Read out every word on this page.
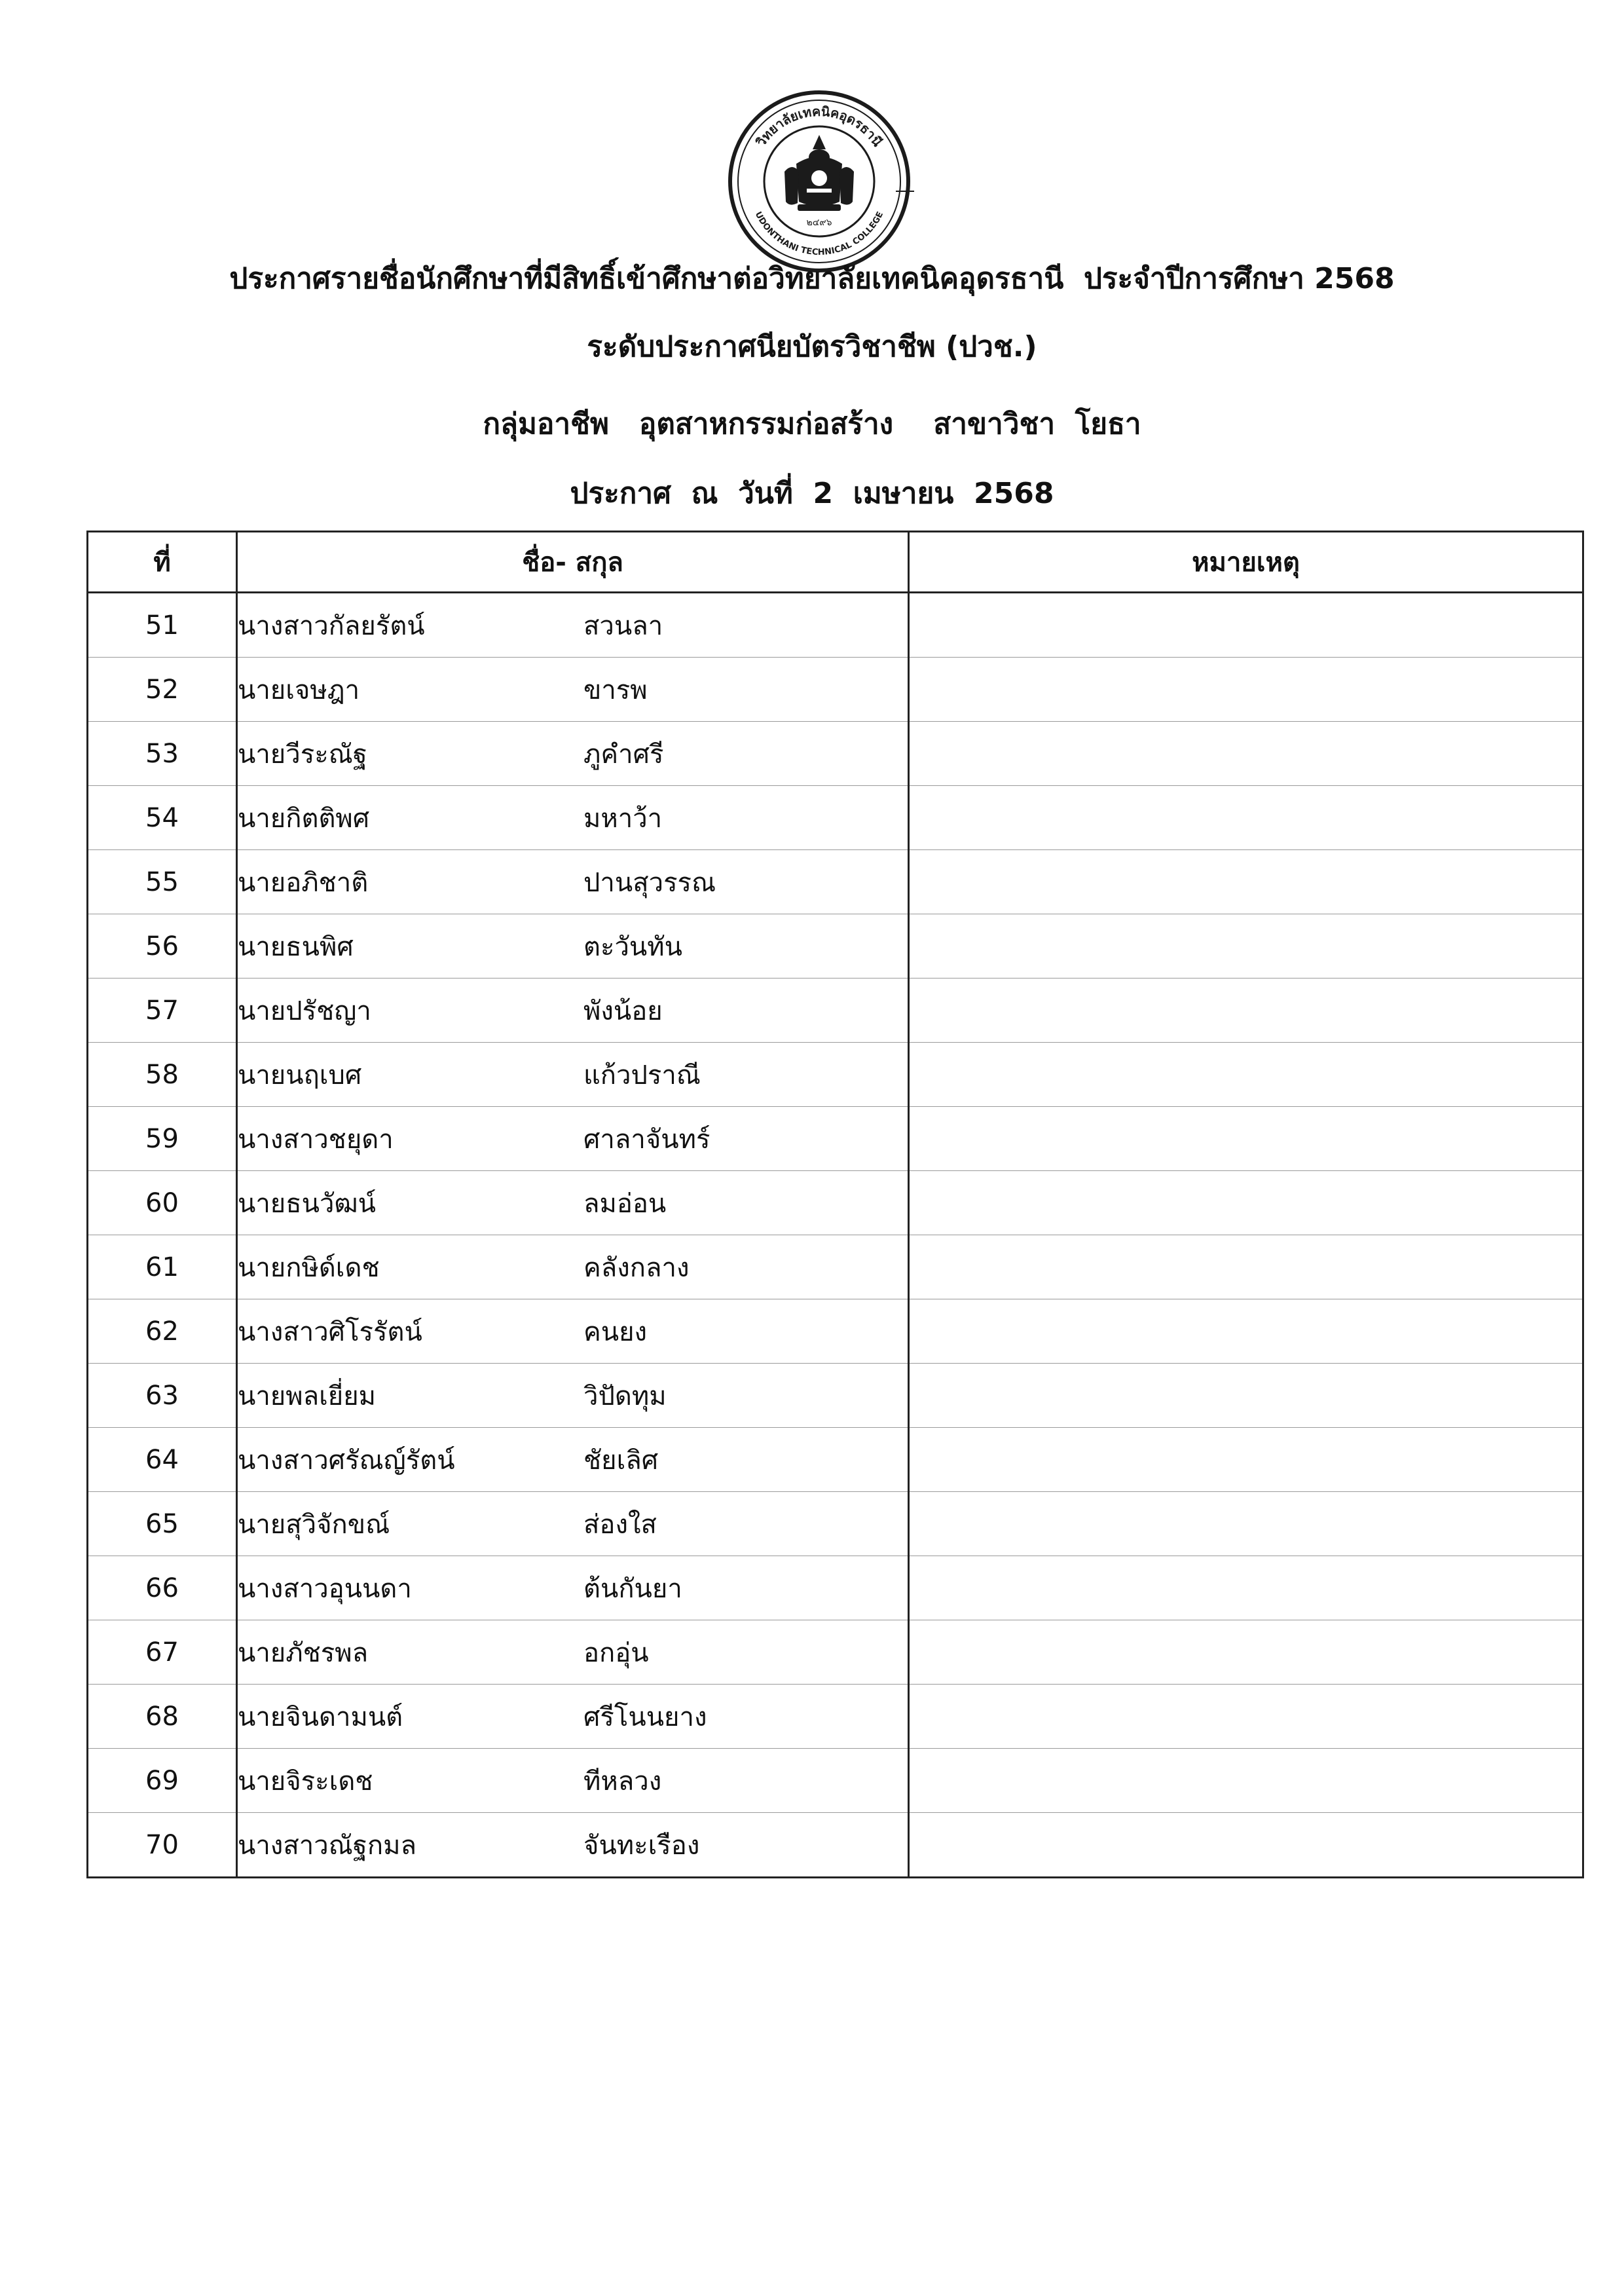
วิทยาลัยเทคนิคอุดรธานี
UDONTHANI TECHNICAL COLLEGE
๒๔๙๖
ประกาศรายชื่อนักศึกษาที่มีสิทธิ์เข้าศึกษาต่อวิทยาลัยเทคนิคอุดรธานี  ประจำปีการศึกษา 2568
ระดับประกาศนียบัตรวิชาชีพ (ปวช.)
กลุ่มอาชีพ   อุตสาหกรรมก่อสร้าง    สาขาวิชา  โยธา
ประกาศ  ณ  วันที่  2  เมษายน  2568
ที่	ชื่อ- สกุล	หมายเหตุ
51	นางสาวกัลยรัตน์ สวนลา	
52	นายเจษฎา ขารพ	
53	นายวีระณัฐ ภูคำศรี	
54	นายกิตติพศ มหาว้า	
55	นายอภิชาติ ปานสุวรรณ	
56	นายธนพิศ ตะวันทัน	
57	นายปรัชญา พังน้อย	
58	นายนฤเบศ แก้วปราณี	
59	นางสาวชยุดา ศาลาจันทร์	
60	นายธนวัฒน์ ลมอ่อน	
61	นายกษิด์เดช คลังกลาง	
62	นางสาวศิโรรัตน์ คนยง	
63	นายพลเยี่ยม วิปัดทุม	
64	นางสาวศรัณญ์รัตน์ ชัยเลิศ	
65	นายสุวิจักขณ์ ส่องใส	
66	นางสาวอุนนดา ต้นกันยา	
67	นายภัชรพล อกอุ่น	
68	นายจินดามนต์ ศรีโนนยาง	
69	นายจิระเดช ทีหลวง	
70	นางสาวณัฐกมล จันทะเรือง	
